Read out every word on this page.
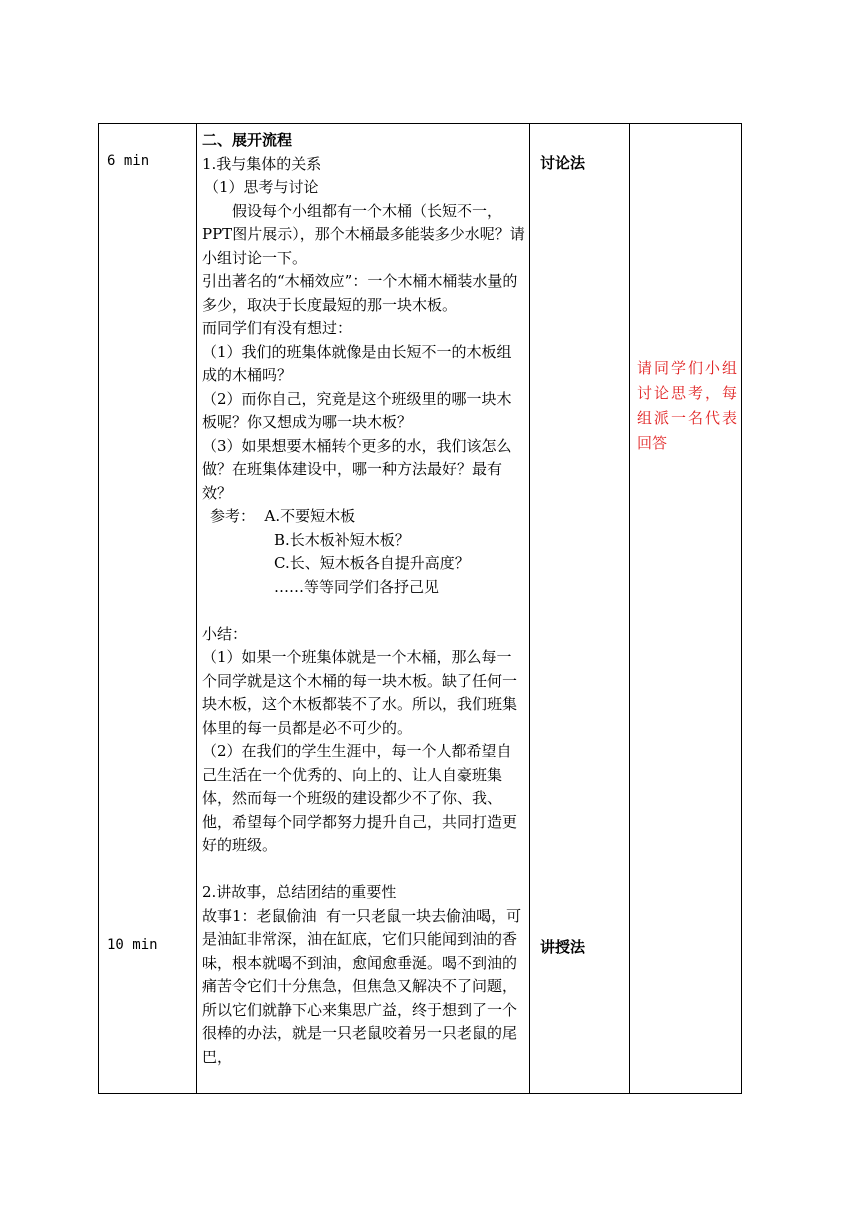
6 min
10 min
讨论法
讲授法

二、展开流程

1.我与集体的关系

（1）思考与讨论

假设每个小组都有一个木桶（长短不一，PPT图片展示），那个木桶最多能装多少水呢？请小组讨论一下。

引出著名的“木桶效应”：一个木桶木桶装水量的多少，取决于长度最短的那一块木板。

而同学们有没有想过：

（1）我们的班集体就像是由长短不一的木板组成的木桶吗？

（2）而你自己，究竟是这个班级里的哪一块木板呢？你又想成为哪一块木板？

（3）如果想要木桶转个更多的水，我们该怎么做？在班集体建设中，哪一种方法最好？最有效？

参考：  A.不要短木板

B.长木板补短木板？

C.长、短木板各自提升高度？

……等等同学们各抒己见

小结：

（1）如果一个班集体就是一个木桶，那么每一个同学就是这个木桶的每一块木板。缺了任何一块木板，这个木板都装不了水。所以，我们班集体里的每一员都是必不可少的。

（2）在我们的学生生涯中，每一个人都希望自己生活在一个优秀的、向上的、让人自豪班集体，然而每一个班级的建设都少不了你、我、他，希望每个同学都努力提升自己，共同打造更好的班级。

2.讲故事，总结团结的重要性

故事1：老鼠偷油  有一只老鼠一块去偷油喝，可是油缸非常深，油在缸底，它们只能闻到油的香味，根本就喝不到油，愈闻愈垂涎。喝不到油的痛苦令它们十分焦急，但焦急又解决不了问题，所以它们就静下心来集思广益，终于想到了一个很棒的办法，就是一只老鼠咬着另一只老鼠的尾巴，

请同学们小组讨论思考，每组派一名代表回答
